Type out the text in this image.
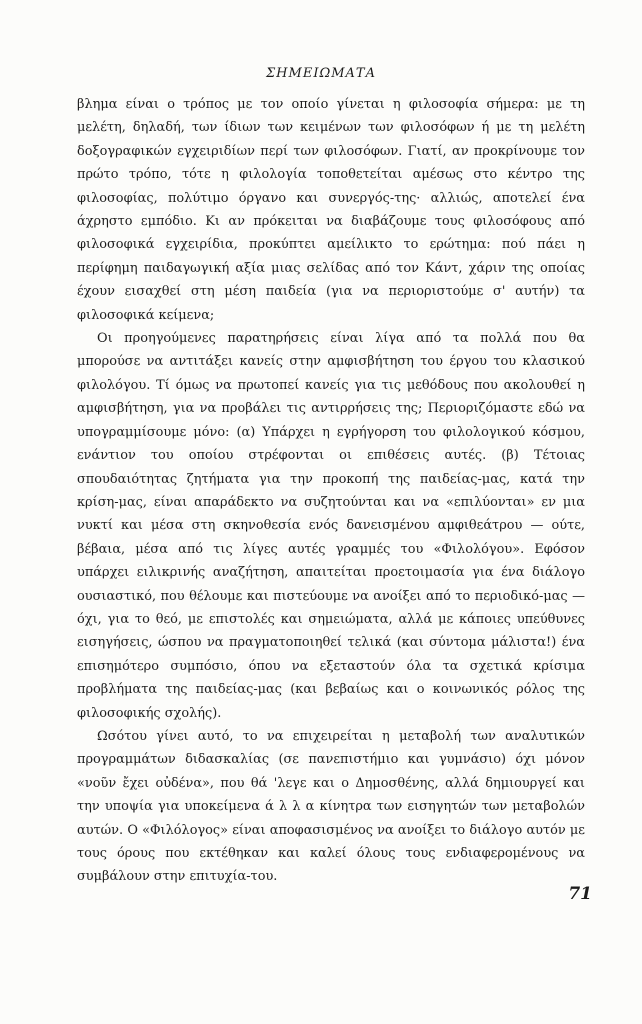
ΣΗΜΕΙΩΜΑΤΑ

βλημα είναι ο τρόπος με τον οποίο γίνεται η φιλοσοφία σήμερα: με τη μελέτη, δηλαδή, των ίδιων των κειμένων των φιλοσόφων ή με τη μελέτη δοξογραφικών εγχειριδίων περί των φιλοσόφων. Γιατί, αν προκρίνουμε τον πρώτο τρόπο, τότε η φιλολογία τοποθετείται αμέσως στο κέντρο της φιλοσοφίας, πολύτιμο όργανο και συνεργός-της· αλλιώς, αποτελεί ένα άχρηστο εμπόδιο. Κι αν πρόκειται να διαβάζουμε τους φιλοσόφους από φιλοσοφικά εγχειρίδια, προκύπτει αμείλικτο το ερώτημα: πού πάει η περίφημη παιδαγωγική αξία μιας σελίδας από τον Κάντ, χάριν της οποίας έχουν εισαχθεί στη μέση παιδεία (για να περιοριστούμε σ' αυτήν) τα φιλοσοφικά κείμενα;

Οι προηγούμενες παρατηρήσεις είναι λίγα από τα πολλά που θα μπορούσε να αντιτάξει κανείς στην αμφισβήτηση του έργου του κλασικού φιλολόγου. Τί όμως να πρωτοπεί κανείς για τις μεθόδους που ακολουθεί η αμφισβήτηση, για να προβάλει τις αντιρρήσεις της; Περιοριζόμαστε εδώ να υπογραμμίσουμε μόνο: (α) Υπάρχει η εγρήγορση του φιλολογικού κόσμου, ενάντιον του οποίου στρέφονται οι επιθέσεις αυτές. (β) Τέτοιας σπουδαιότητας ζητήματα για την προκοπή της παιδείας-μας, κατά την κρίση-μας, είναι απαράδεκτο να συζητούνται και να «επιλύονται» εν μια νυκτί και μέσα στη σκηνοθεσία ενός δανεισμένου αμφιθεάτρου — ούτε, βέβαια, μέσα από τις λίγες αυτές γραμμές του «Φιλολόγου». Εφόσον υπάρχει ειλικρινής αναζήτηση, απαιτείται προετοιμασία για ένα διάλογο ουσιαστικό, που θέλουμε και πιστεύουμε να ανοίξει από το περιοδικό-μας — όχι, για το θεό, με επιστολές και σημειώματα, αλλά με κάποιες υπεύθυνες εισηγήσεις, ώσπου να πραγματοποιηθεί τελικά (και σύντομα μάλιστα!) ένα επισημότερο συμπόσιο, όπου να εξεταστούν όλα τα σχετικά κρίσιμα προβλήματα της παιδείας-μας (και βεβαίως και ο κοινωνικός ρόλος της φιλοσοφικής σχολής).

Ωσότου γίνει αυτό, το να επιχειρείται η μεταβολή των αναλυτικών προγραμμάτων διδασκαλίας (σε πανεπιστήμιο και γυμνάσιο) όχι μόνον «νοῦν ἔχει οὐδένα», που θά 'λεγε και ο Δημοσθένης, αλλά δημιουργεί και την υποψία για υποκείμενα ά λ λ α κίνητρα των εισηγητών των μεταβολών αυτών. Ο «Φιλόλογος» είναι αποφασισμένος να ανοίξει το διάλογο αυτόν με τους όρους που εκτέθηκαν και καλεί όλους τους ενδιαφερομένους να συμβάλουν στην επιτυχία-του.

71
